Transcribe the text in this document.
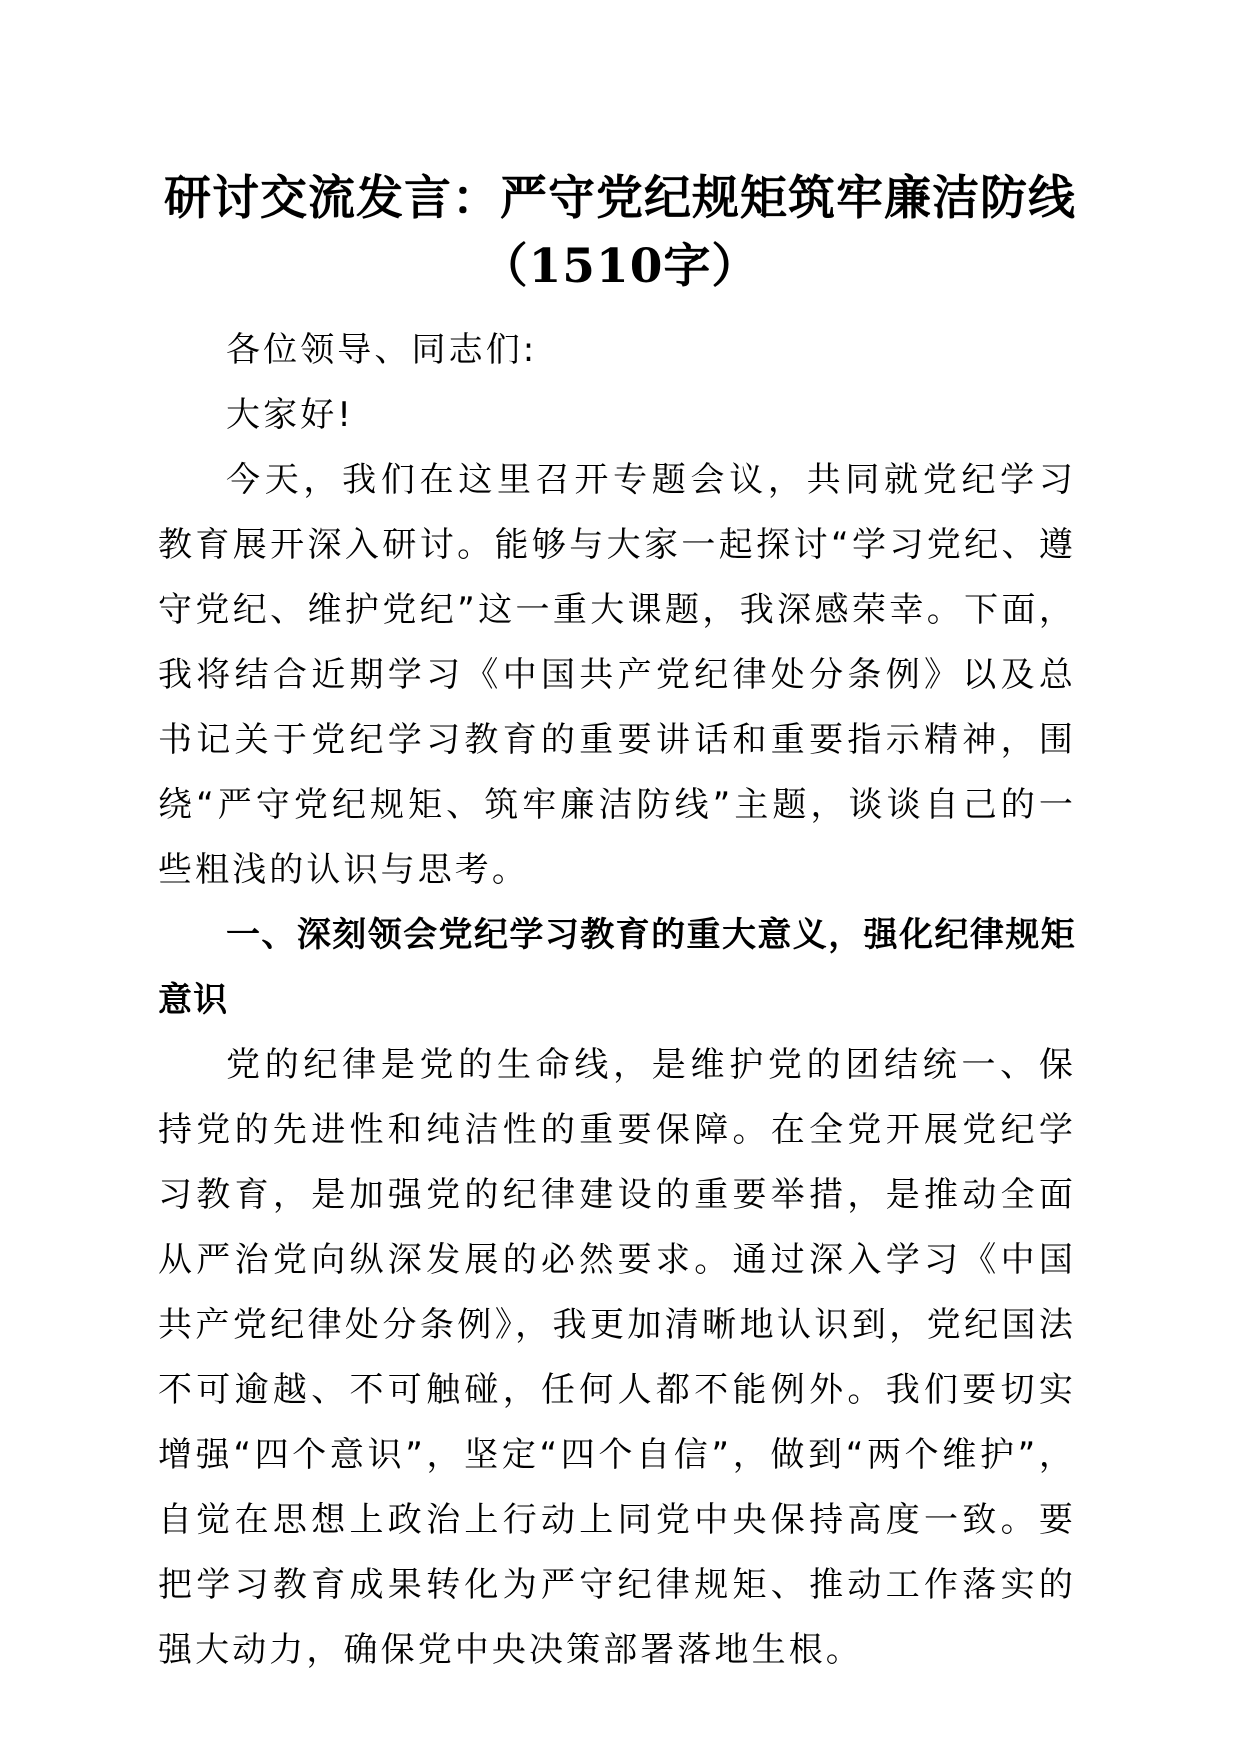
研讨交流发言：严守党纪规矩筑牢廉洁防线
（1510字）

各位领导、同志们:

大家好!

今天，我们在这里召开专题会议，共同就党纪学习教育展开深入研讨。能够与大家一起探讨“学习党纪、遵守党纪、维护党纪”这一重大课题，我深感荣幸。下面，我将结合近期学习《中国共产党纪律处分条例》以及总书记关于党纪学习教育的重要讲话和重要指示精神，围绕“严守党纪规矩、筑牢廉洁防线”主题，谈谈自己的一些粗浅的认识与思考。

一、深刻领会党纪学习教育的重大意义，强化纪律规矩意识

党的纪律是党的生命线，是维护党的团结统一、保持党的先进性和纯洁性的重要保障。在全党开展党纪学习教育，是加强党的纪律建设的重要举措，是推动全面从严治党向纵深发展的必然要求。通过深入学习《中国共产党纪律处分条例》，我更加清晰地认识到，党纪国法不可逾越、不可触碰，任何人都不能例外。我们要切实增强“四个意识”，坚定“四个自信”，做到“两个维护”，自觉在思想上政治上行动上同党中央保持高度一致。要把学习教育成果转化为严守纪律规矩、推动工作落实的强大动力，确保党中央决策部署落地生根。
